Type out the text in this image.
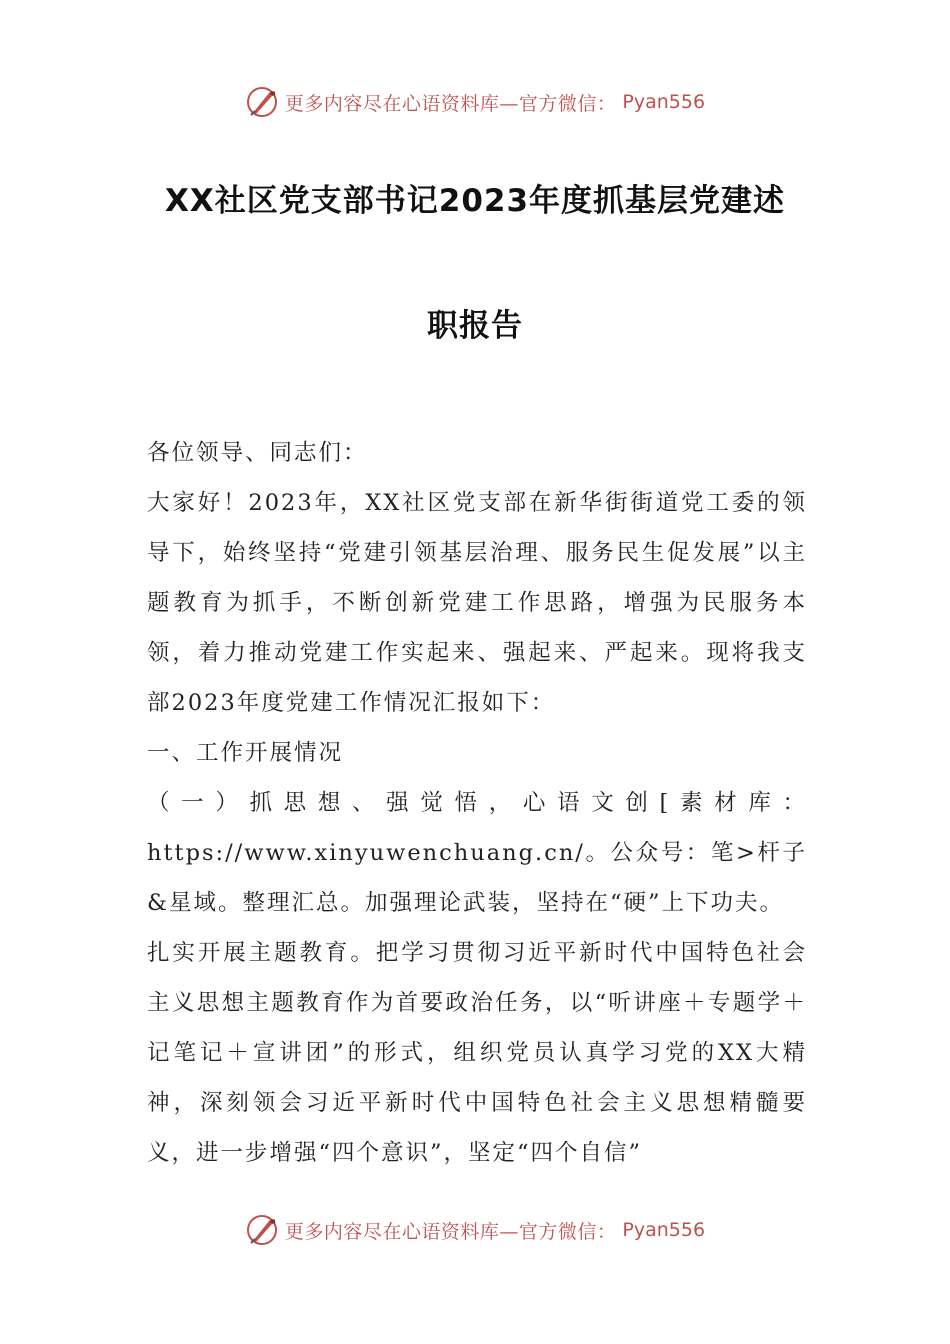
更多内容尽在心语资料库—官方微信： Pyan556
XX社区党支部书记2023年度抓基层党建述
职报告

各位领导、同志们：

大家好！2023年，XX社区党支部在新华街街道党工委的领导下，始终坚持“党建引领基层治理、服务民生促发展”以主题教育为抓手，不断创新党建工作思路，增强为民服务本领，着力推动党建工作实起来、强起来、严起来。现将我支部2023年度党建工作情况汇报如下：

一、工作开展情况

（一）抓思想、强觉悟，心语文创[素材库：https://www.xinyuwenchuang.cn/。公众号：笔>杆子&星域。整理汇总。加强理论武装，坚持在“硬”上下功夫。

扎实开展主题教育。把学习贯彻习近平新时代中国特色社会主义思想主题教育作为首要政治任务，以“听讲座＋专题学＋记笔记＋宣讲团”的形式，组织党员认真学习党的XX大精神，深刻领会习近平新时代中国特色社会主义思想精髓要义，进一步增强“四个意识”，坚定“四个自信”

更多内容尽在心语资料库—官方微信： Pyan556
